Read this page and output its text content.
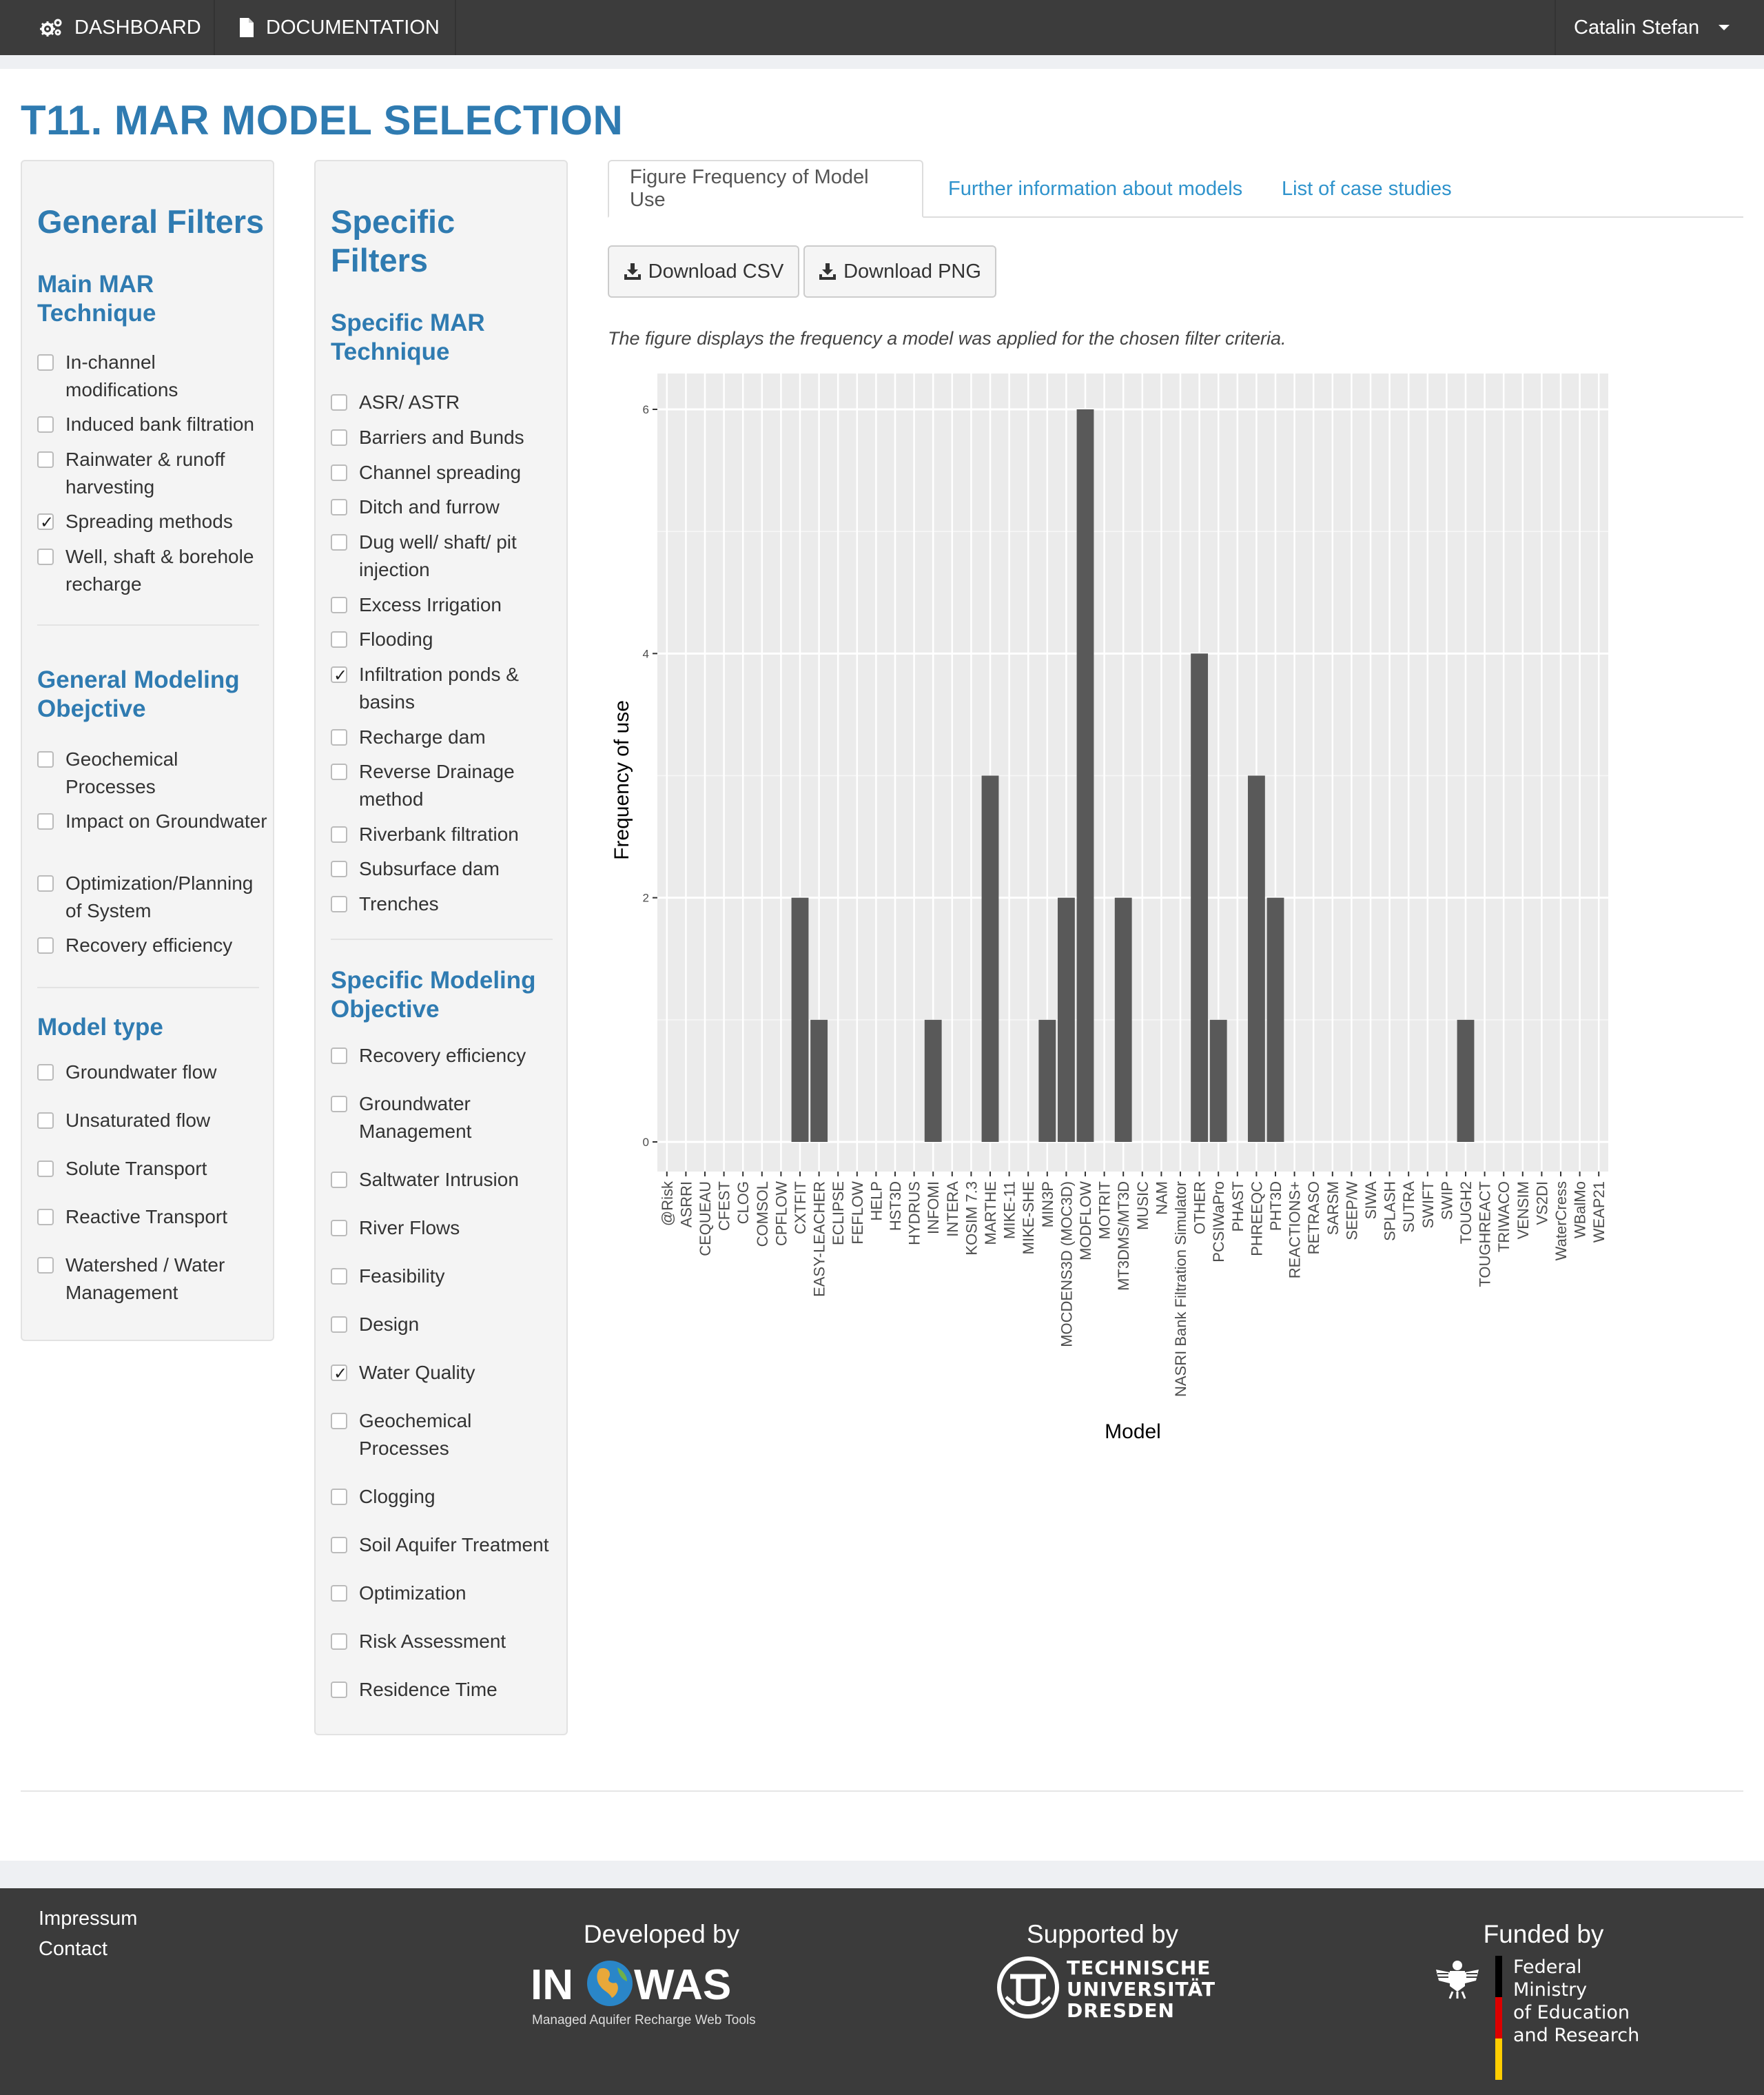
DASHBOARD	DOCUMENTATION	Catalin Stefan
T11. MAR MODEL SELECTION
General Filters
Main MAR Technique
In-channel modifications
Induced bank filtration
Rainwater & runoff harvesting
✓
Spreading methods
Well, shaft & borehole recharge
General Modeling Obejctive
Geochemical Processes
Impact on Groundwater
Optimization/Planning of System
Recovery efficiency
Model type
Groundwater flow
Unsaturated flow
Solute Transport
Reactive Transport
Watershed / Water Management
Specific Filters
Specific MAR Technique
ASR/ ASTR
Barriers and Bunds
Channel spreading
Ditch and furrow
Dug well/ shaft/ pit injection
Excess Irrigation
Flooding
✓
Infiltration ponds & basins
Recharge dam
Reverse Drainage method
Riverbank filtration
Subsurface dam
Trenches
Specific Modeling Objective
Recovery efficiency
Groundwater Management
Saltwater Intrusion
River Flows
Feasibility
Design
✓
Water Quality
Geochemical Processes
Clogging
Soil Aquifer Treatment
Optimization
Risk Assessment
Residence Time
Figure Frequency of Model Use
Further information about models List of case studies
Download CSV	Download PNG

The figure displays the frequency a model was applied for the chosen filter criteria.

0
2
4
6
@Risk ASRRI CEQUEAU CFEST CLOG COMSOL CPFLOW CXTFIT EASY-LEACHER ECLIPSE FEFLOW HELP HST3D HYDRUS INFOMI INTERA KOSIM 7.3 MARTHE MIKE-11 MIKE-SHE MIN3P MOCDENS3D (MOC3D) MODFLOW MOTRIT MT3DMS/MT3D MUSIC NAM NASRI Bank Filtration Simulator OTHER PCSIWaPro PHAST PHREEQC PHT3D REACTIONS+ RETRASO SARSM SEEP/W SIWA SPLASH SUTRA SWIFT SWIP TOUGH2 TOUGHREACT TRIWACO VENSIM VS2DI WaterCress WBalMo WEAP21
Frequency of use
Model
Impressum
Contact
Developed by	Supported by	Funded by
IN WAS
Managed Aquifer Recharge Web Tools
TECHNISCHE
UNIVERSITÄT
DRESDEN
Federal Ministry
of Education
and Research
